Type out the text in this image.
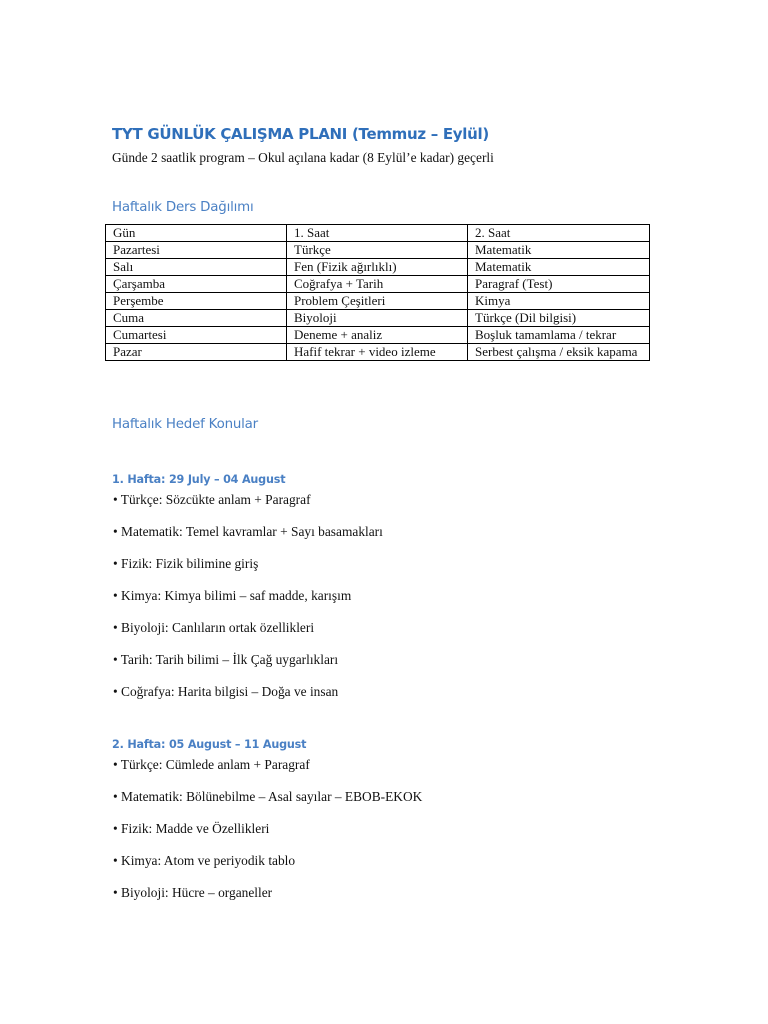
TYT GÜNLÜK ÇALIŞMA PLANI (Temmuz – Eylül)
Günde 2 saatlik program – Okul açılana kadar (8 Eylül’e kadar) geçerli
Haftalık Ders Dağılımı
Gün	1. Saat	2. Saat
Pazartesi	Türkçe	Matematik
Salı	Fen (Fizik ağırlıklı)	Matematik
Çarşamba	Coğrafya + Tarih	Paragraf (Test)
Perşembe	Problem Çeşitleri	Kimya
Cuma	Biyoloji	Türkçe (Dil bilgisi)
Cumartesi	Deneme + analiz	Boşluk tamamlama / tekrar
Pazar	Hafif tekrar + video izleme	Serbest çalışma / eksik kapama
Haftalık Hedef Konular
1. Hafta: 29 July – 04 August
• Türkçe: Sözcükte anlam + Paragraf
• Matematik: Temel kavramlar + Sayı basamakları
• Fizik: Fizik bilimine giriş
• Kimya: Kimya bilimi – saf madde, karışım
• Biyoloji: Canlıların ortak özellikleri
• Tarih: Tarih bilimi – İlk Çağ uygarlıkları
• Coğrafya: Harita bilgisi – Doğa ve insan
2. Hafta: 05 August – 11 August
• Türkçe: Cümlede anlam + Paragraf
• Matematik: Bölünebilme – Asal sayılar – EBOB-EKOK
• Fizik: Madde ve Özellikleri
• Kimya: Atom ve periyodik tablo
• Biyoloji: Hücre – organeller
